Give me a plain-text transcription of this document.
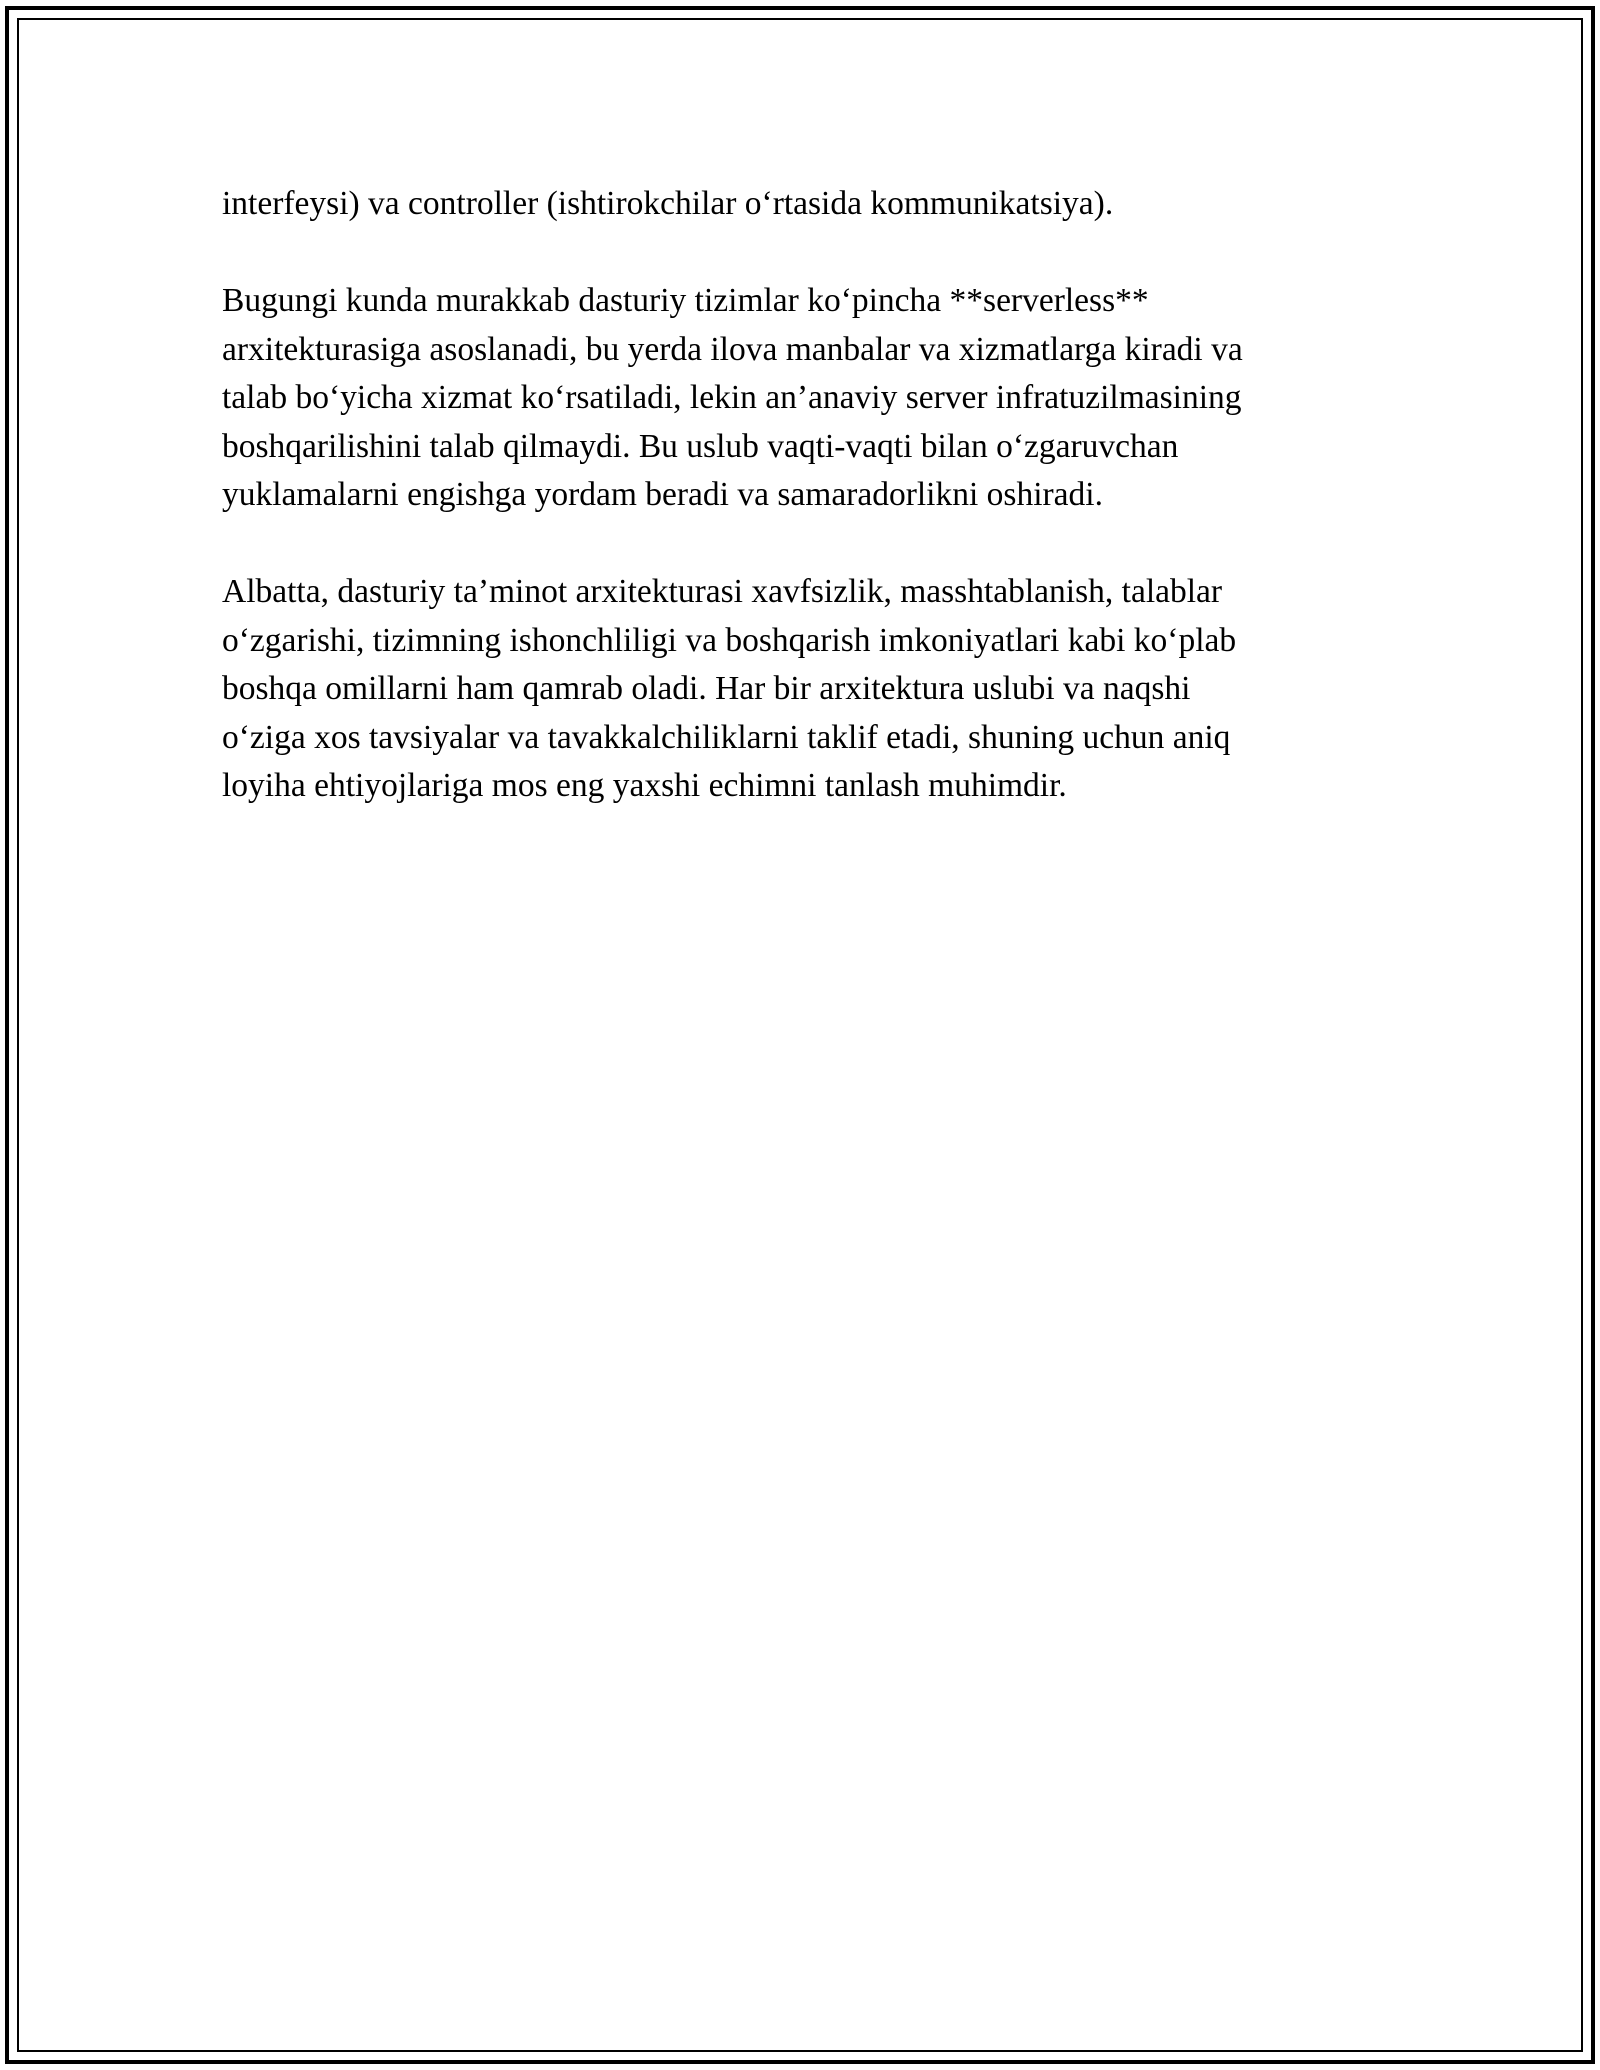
interfeysi) va controller (ishtirokchilar o‘rtasida kommunikatsiya).

Bugungi kunda murakkab dasturiy tizimlar ko‘pincha **serverless**
arxitekturasiga asoslanadi, bu yerda ilova manbalar va xizmatlarga kiradi va
talab bo‘yicha xizmat ko‘rsatiladi, lekin an’anaviy server infratuzilmasining
boshqarilishini talab qilmaydi. Bu uslub vaqti-vaqti bilan o‘zgaruvchan
yuklamalarni engishga yordam beradi va samaradorlikni oshiradi.

Albatta, dasturiy ta’minot arxitekturasi xavfsizlik, masshtablanish, talablar
o‘zgarishi, tizimning ishonchliligi va boshqarish imkoniyatlari kabi ko‘plab
boshqa omillarni ham qamrab oladi. Har bir arxitektura uslubi va naqshi
o‘ziga xos tavsiyalar va tavakkalchiliklarni taklif etadi, shuning uchun aniq
loyiha ehtiyojlariga mos eng yaxshi echimni tanlash muhimdir.
